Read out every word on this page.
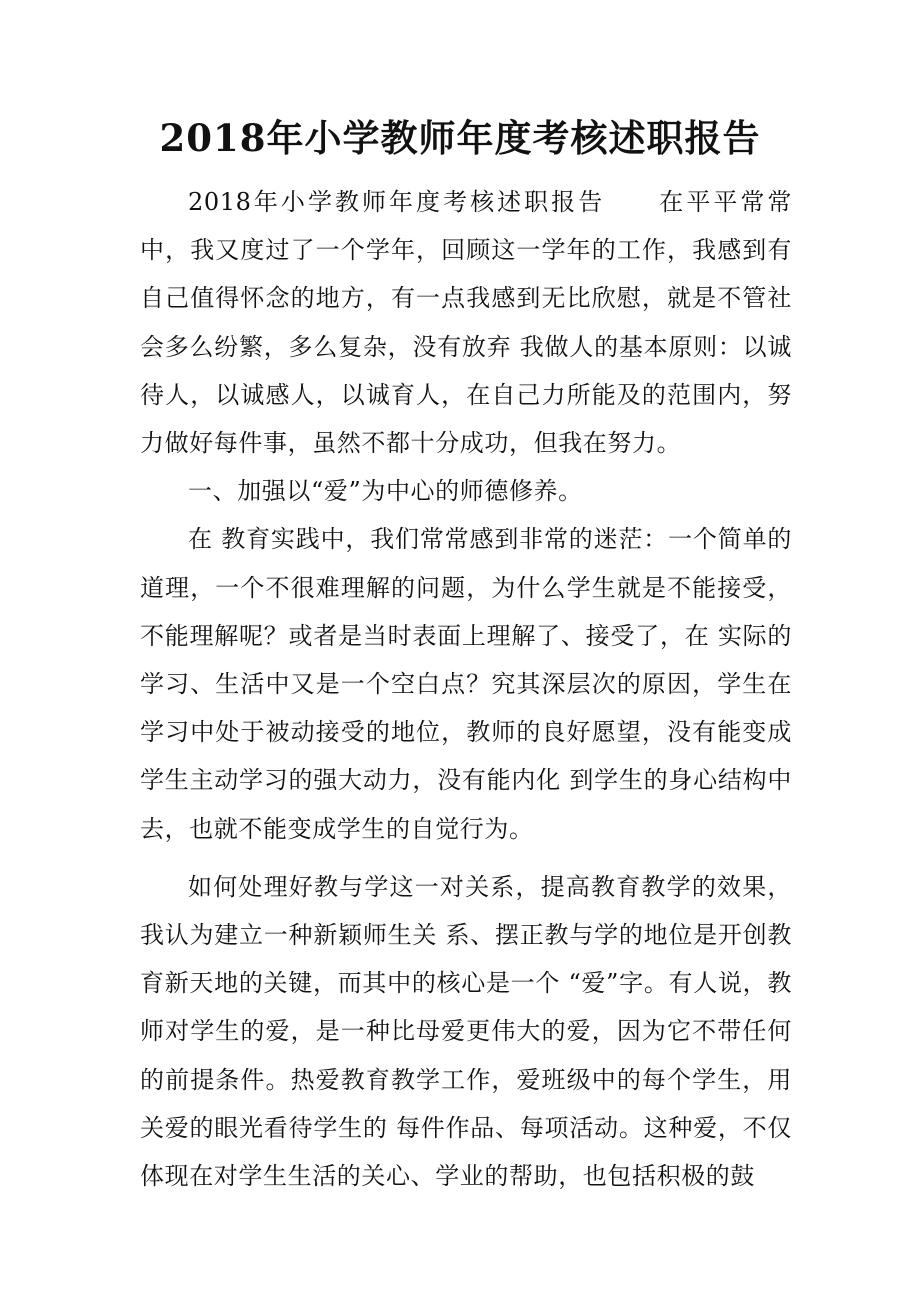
2018年小学教师年度考核述职报告

2018年小学教师年度考核述职报告　　在平平常常中，我又度过了一个学年，回顾这一学年的工作，我感到有自己值得怀念的地方，有一点我感到无比欣慰，就是不管社会多么纷繁，多么复杂，没有放弃 我做人的基本原则：以诚待人，以诚感人，以诚育人，在自己力所能及的范围内，努力做好每件事，虽然不都十分成功，但我在努力。

一、加强以“爱”为中心的师德修养。

在 教育实践中，我们常常感到非常的迷茫：一个简单的道理，一个不很难理解的问题，为什么学生就是不能接受，不能理解呢？或者是当时表面上理解了、接受了，在 实际的学习、生活中又是一个空白点？究其深层次的原因，学生在学习中处于被动接受的地位，教师的良好愿望，没有能变成学生主动学习的强大动力，没有能内化 到学生的身心结构中去，也就不能变成学生的自觉行为。

如何处理好教与学这一对关系，提高教育教学的效果，我认为建立一种新颖师生关 系、摆正教与学的地位是开创教育新天地的关键，而其中的核心是一个 “爱”字。有人说，教师对学生的爱，是一种比母爱更伟大的爱，因为它不带任何的前提条件。热爱教育教学工作，爱班级中的每个学生，用关爱的眼光看待学生的 每件作品、每项活动。这种爱，不仅体现在对学生生活的关心、学业的帮助，也包括积极的鼓
